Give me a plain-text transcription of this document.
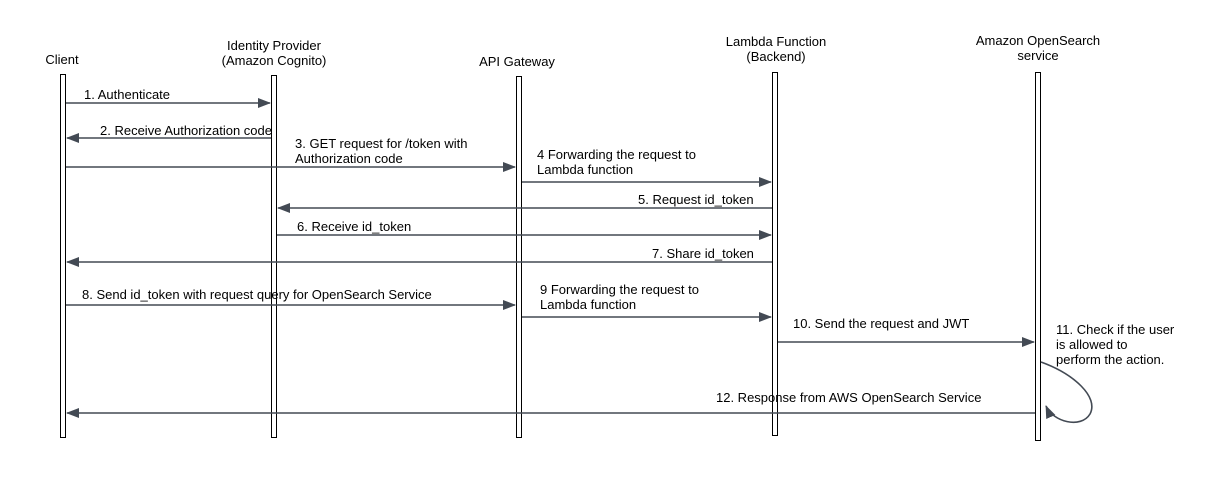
Client
Identity Provider
(Amazon Cognito)	API Gateway
Lambda Function
(Backend)
Amazon OpenSearch
service
1. Authenticate
2. Receive Authorization code
3. GET request for /token with
Authorization code	4 Forwarding the request to
Lambda function
5. Request id_token
6. Receive id_token
7. Share id_token
8. Send id_token with request query for OpenSearch Service	9 Forwarding the request to
Lambda function
10. Send the request and JWT	11. Check if the user
is allowed to
perform the action.
12. Response from AWS OpenSearch Service
